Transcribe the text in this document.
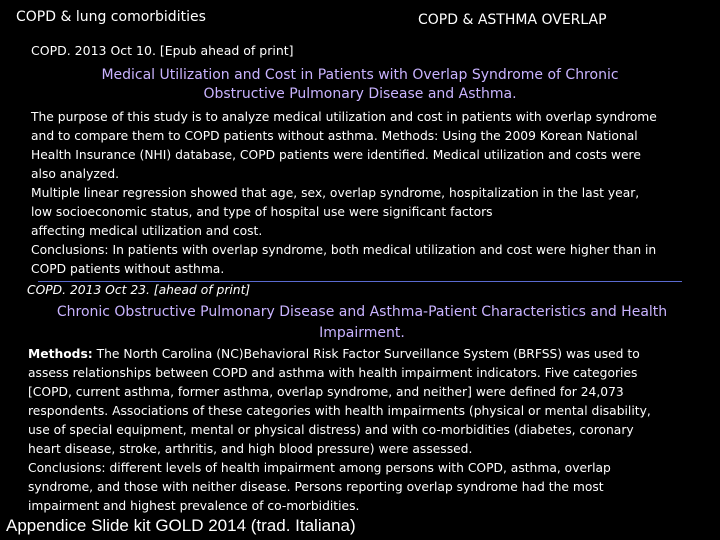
COPD & lung comorbidities	COPD & ASTHMA OVERLAP
COPD. 2013 Oct 10. [Epub ahead of print]
Medical Utilization and Cost in Patients with Overlap Syndrome of Chronic
Obstructive Pulmonary Disease and Asthma.
The purpose of this study is to analyze medical utilization and cost in patients with overlap syndrome
and to compare them to COPD patients without asthma. Methods: Using the 2009 Korean National
Health Insurance (NHI) database, COPD patients were identified. Medical utilization and costs were
also analyzed.
Multiple linear regression showed that age, sex, overlap syndrome, hospitalization in the last year,
low socioeconomic status, and type of hospital use were significant factors
affecting medical utilization and cost.
Conclusions: In patients with overlap syndrome, both medical utilization and cost were higher than in
COPD patients without asthma.
COPD. 2013 Oct 23. [ahead of print]
Chronic Obstructive Pulmonary Disease and Asthma-Patient Characteristics and Health
Impairment.
Methods: The North Carolina (NC)Behavioral Risk Factor Surveillance System (BRFSS) was used to
assess relationships between COPD and asthma with health impairment indicators. Five categories
[COPD, current asthma, former asthma, overlap syndrome, and neither] were defined for 24,073
respondents. Associations of these categories with health impairments (physical or mental disability,
use of special equipment, mental or physical distress) and with co-morbidities (diabetes, coronary
heart disease, stroke, arthritis, and high blood pressure) were assessed.
Conclusions: different levels of health impairment among persons with COPD, asthma, overlap
syndrome, and those with neither disease. Persons reporting overlap syndrome had the most
impairment and highest prevalence of co-morbidities.
Appendice Slide kit GOLD 2014 (trad. Italiana)
